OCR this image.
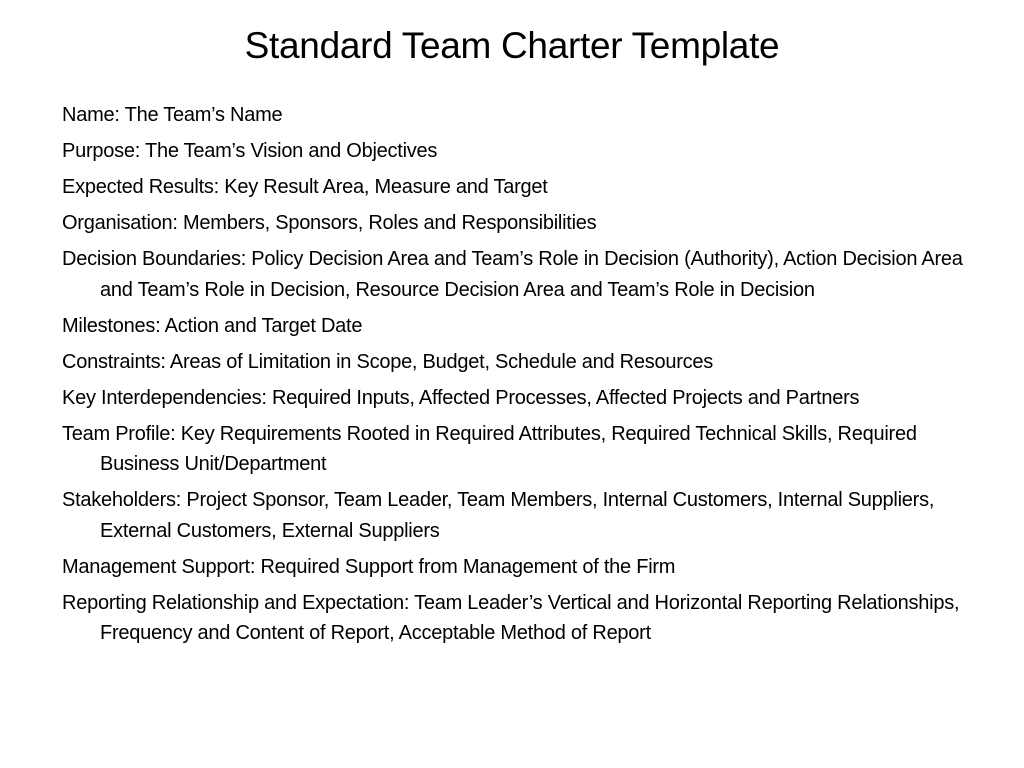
Standard Team Charter Template
Name: The Team’s Name
Purpose: The Team’s Vision and Objectives
Expected Results: Key Result Area, Measure and Target
Organisation: Members, Sponsors, Roles and Responsibilities
Decision Boundaries: Policy Decision Area and Team’s Role in Decision (Authority), Action Decision Area and Team’s Role in Decision, Resource Decision Area and Team’s Role in Decision
Milestones: Action and Target Date
Constraints: Areas of Limitation in Scope, Budget, Schedule and Resources
Key Interdependencies: Required Inputs, Affected Processes, Affected Projects and Partners
Team Profile: Key Requirements Rooted in Required Attributes, Required Technical Skills, Required Business Unit/Department
Stakeholders: Project Sponsor, Team Leader, Team Members, Internal Customers, Internal Suppliers, External Customers, External Suppliers
Management Support: Required Support from Management of the Firm
Reporting Relationship and Expectation: Team Leader’s Vertical and Horizontal Reporting Relationships, Frequency and Content of Report, Acceptable Method of Report
